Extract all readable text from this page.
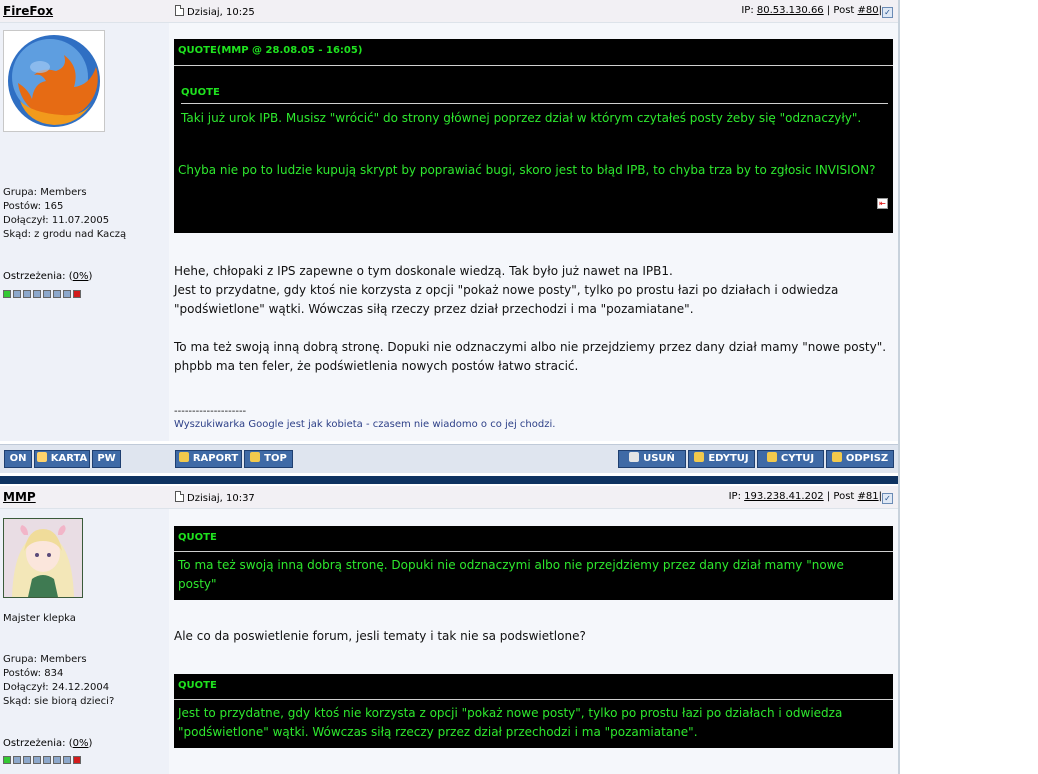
FireFox	Dzisiaj, 10:25	IP: 80.53.130.66 | Post #80| ✓
Grupa: Members
Postów: 165
Dołączył: 11.07.2005
Skąd: z grodu nad Kaczą
Ostrzeżenia: (0%)
QUOTE(MMP @ 28.08.05 - 16:05)
QUOTE
Taki już urok IPB. Musisz "wrócić" do strony głównej poprzez dział w którym czytałeś posty żeby się "odznaczyły".
Chyba nie po to ludzie kupują skrypt by poprawiać bugi, skoro jest to błąd IPB, to chyba trza by to zgłosic INVISION?
⇤
Hehe, chłopaki z IPS zapewne o tym doskonale wiedzą. Tak było już nawet na IPB1.
Jest to przydatne, gdy ktoś nie korzysta z opcji "pokaż nowe posty", tylko po prostu łazi po działach i odwiedza
"podświetlone" wątki. Wówczas siłą rzeczy przez dział przechodzi i ma "pozamiatane".
To ma też swoją inną dobrą stronę. Dopuki nie odznaczymi albo nie przejdziemy przez dany dział mamy "nowe posty".
phpbb ma ten feler, że podświetlenia nowych postów łatwo stracić.
--------------------
Wyszukiwarka Google jest jak kobieta - czasem nie wiadomo o co jej chodzi.
ON	KARTA	PW	RAPORT	TOP	USUŃ	EDYTUJ	CYTUJ	ODPISZ
MMP	Dzisiaj, 10:37	IP: 193.238.41.202 | Post #81| ✓
Majster klepka
Grupa: Members
Postów: 834
Dołączył: 24.12.2004
Skąd: sie biorą dzieci?
Ostrzeżenia: (0%)
QUOTE
To ma też swoją inną dobrą stronę. Dopuki nie odznaczymi albo nie przejdziemy przez dany dział mamy "nowe posty"
Ale co da poswietlenie forum, jesli tematy i tak nie sa podswietlone?
QUOTE
Jest to przydatne, gdy ktoś nie korzysta z opcji "pokaż nowe posty", tylko po prostu łazi po działach i odwiedza "podświetlone" wątki. Wówczas siłą rzeczy przez dział przechodzi i ma "pozamiatane".
